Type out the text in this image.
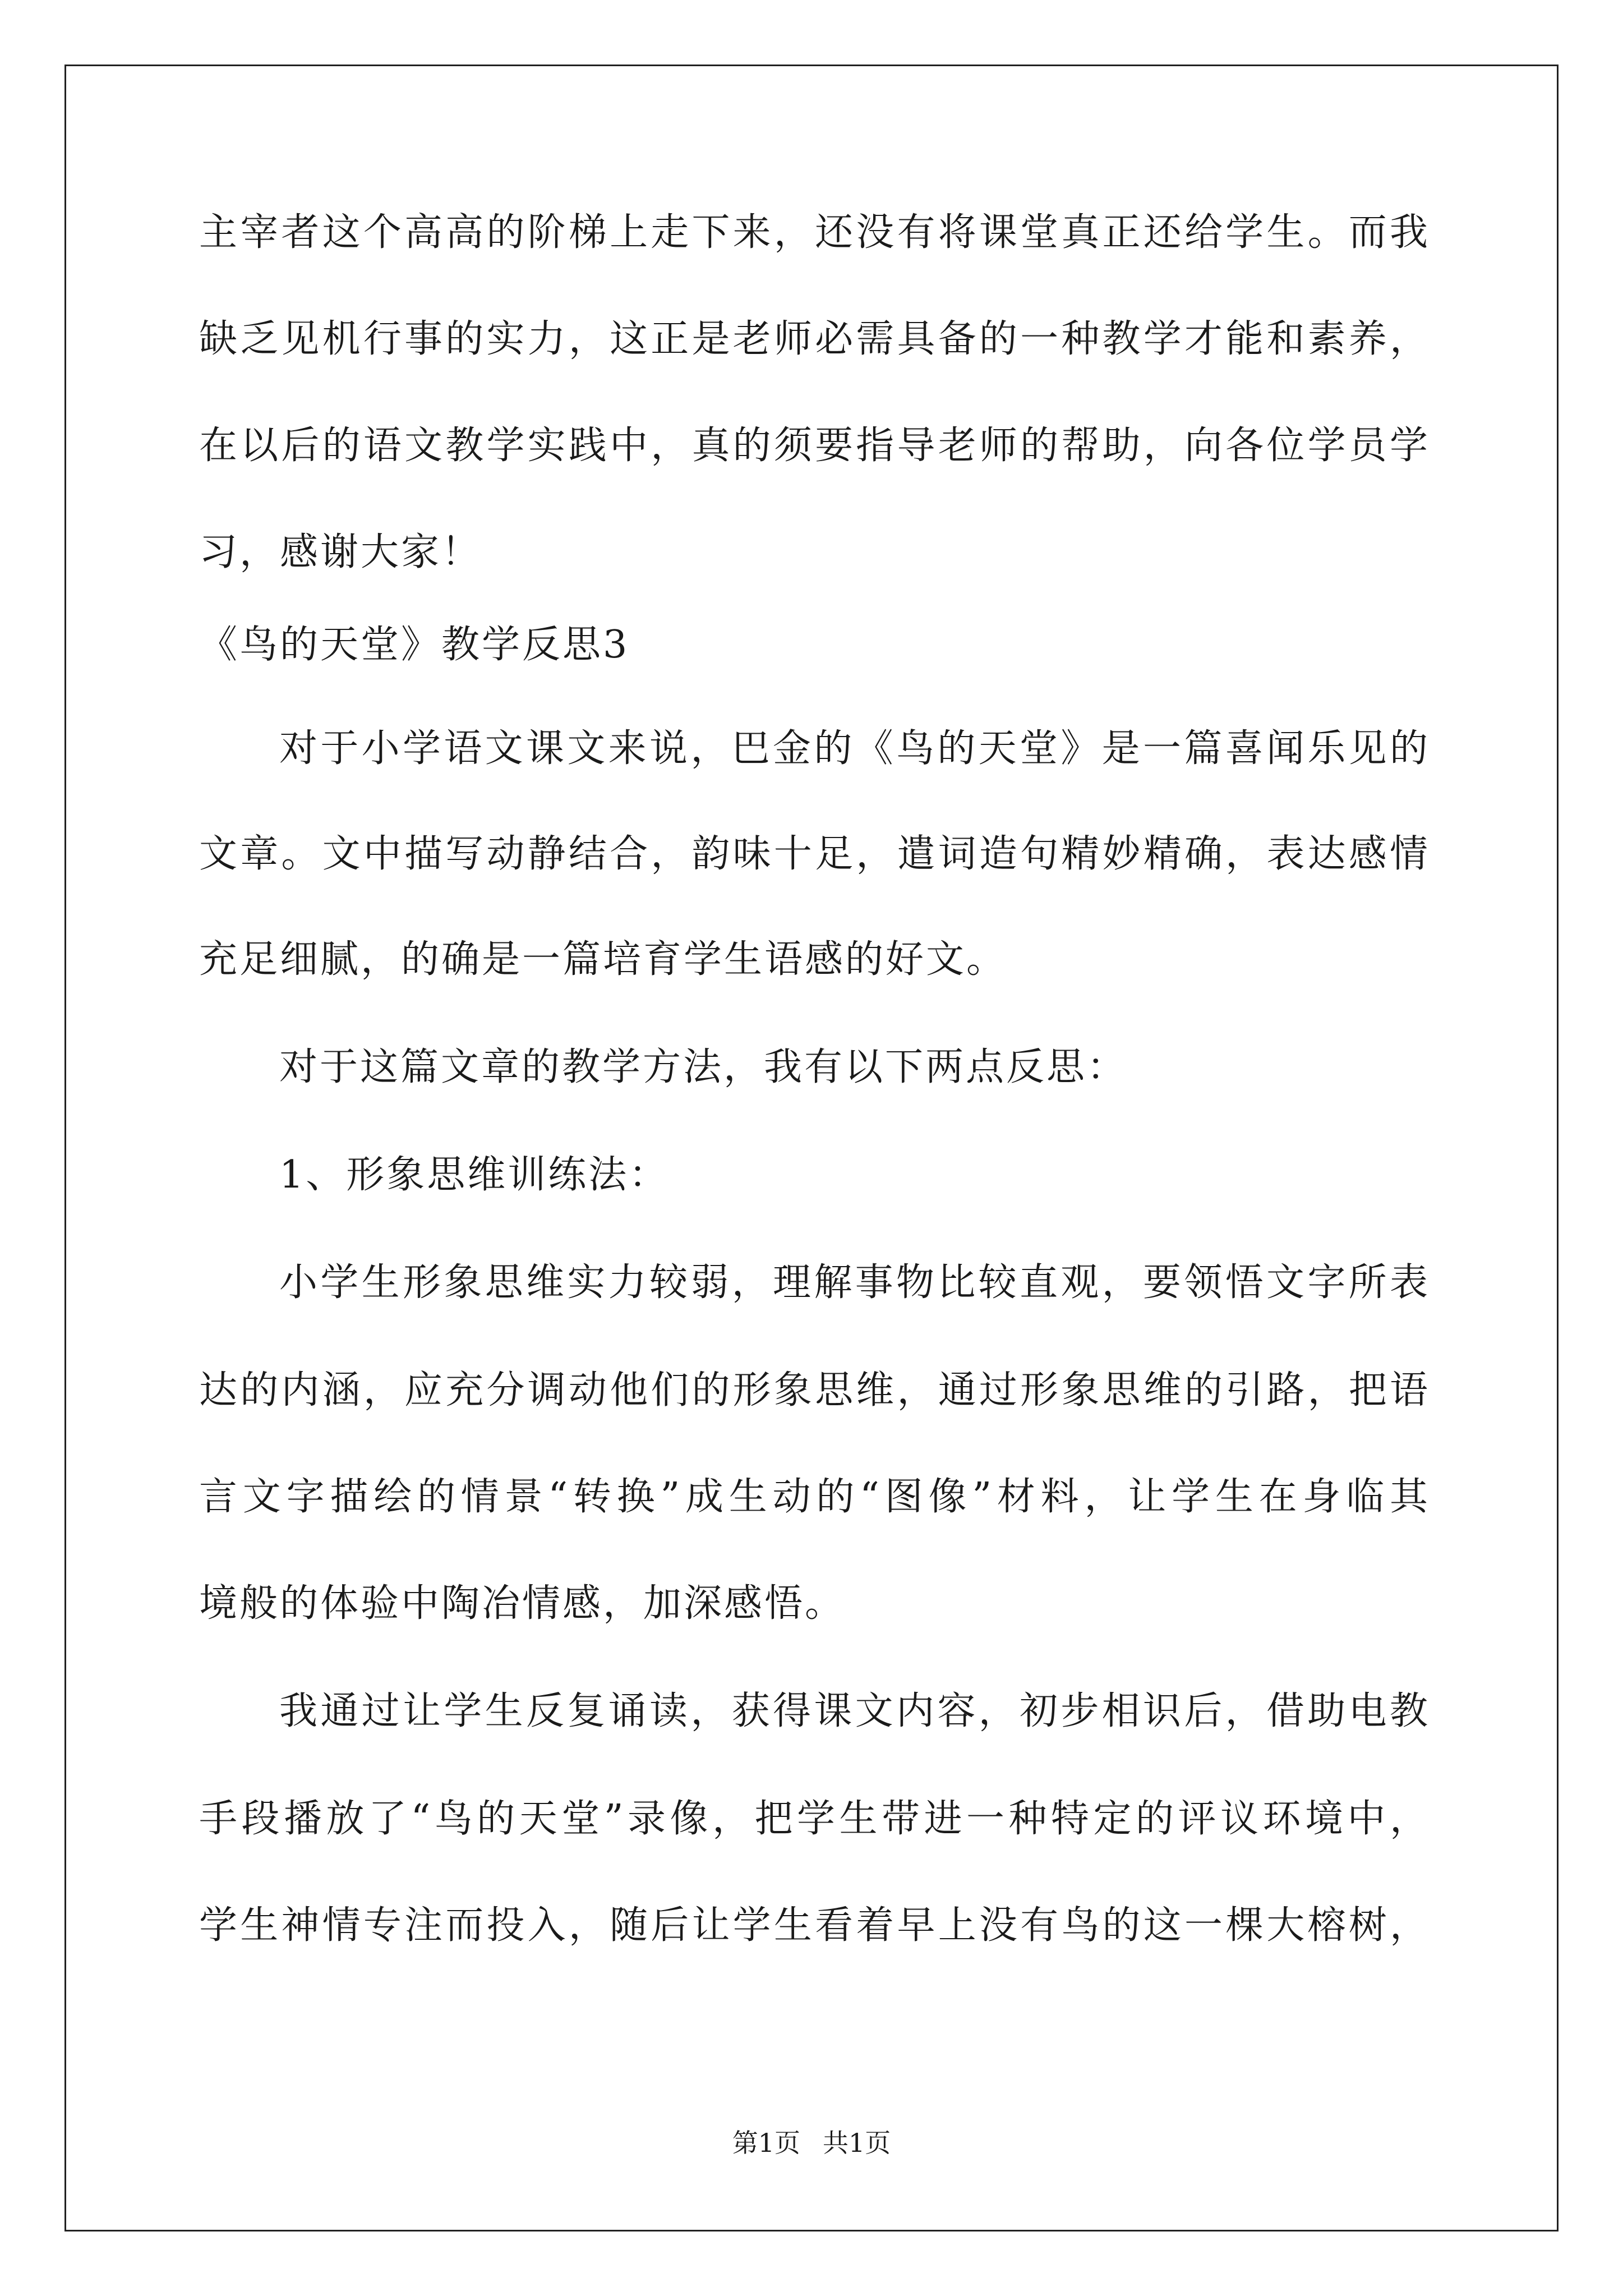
主宰者这个高高的阶梯上走下来，还没有将课堂真正还给学生。而我
缺乏见机行事的实力，这正是老师必需具备的一种教学才能和素养，
在以后的语文教学实践中，真的须要指导老师的帮助，向各位学员学
习，感谢大家！
《鸟的天堂》教学反思3
对于小学语文课文来说，巴金的《鸟的天堂》是一篇喜闻乐见的
文章。文中描写动静结合，韵味十足，遣词造句精妙精确，表达感情
充足细腻，的确是一篇培育学生语感的好文。
对于这篇文章的教学方法，我有以下两点反思：
1、形象思维训练法：
小学生形象思维实力较弱，理解事物比较直观，要领悟文字所表
达的内涵，应充分调动他们的形象思维，通过形象思维的引路，把语
言文字描绘的情景“转换”成生动的“图像”材料，让学生在身临其
境般的体验中陶冶情感，加深感悟。
我通过让学生反复诵读，获得课文内容，初步相识后，借助电教
手段播放了“鸟的天堂”录像，把学生带进一种特定的评议环境中，
学生神情专注而投入，随后让学生看着早上没有鸟的这一棵大榕树，
第1页 共1页
